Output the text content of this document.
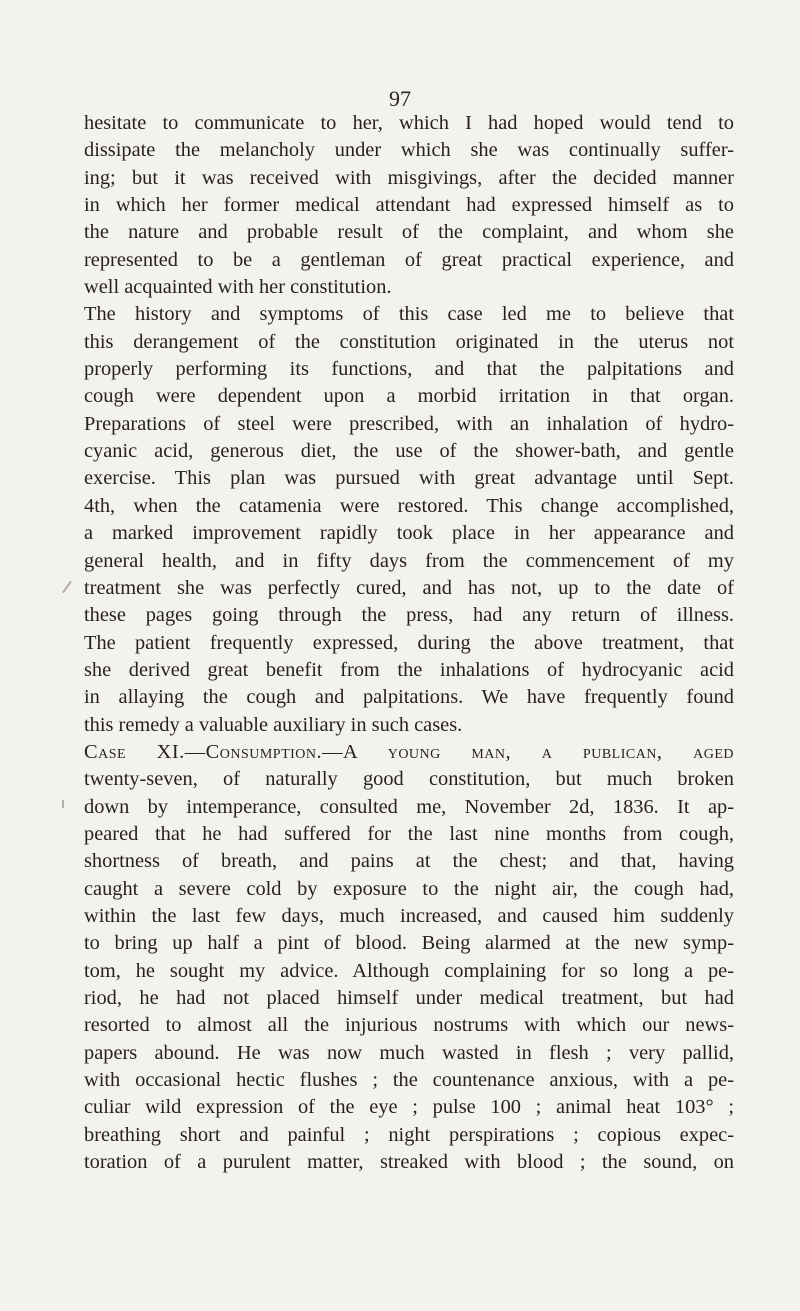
97
hesitate to communicate to her, which I had hoped would tend to
dissipate the melancholy under which she was continually suffer-
ing; but it was received with misgivings, after the decided manner
in which her former medical attendant had expressed himself as to
the nature and probable result of the complaint, and whom she
represented to be a gentleman of great practical experience, and
well acquainted with her constitution.
The history and symptoms of this case led me to believe that
this derangement of the constitution originated in the uterus not
properly performing its functions, and that the palpitations and
cough were dependent upon a morbid irritation in that organ.
Preparations of steel were prescribed, with an inhalation of hydro-
cyanic acid, generous diet, the use of the shower-bath, and gentle
exercise. This plan was pursued with great advantage until Sept.
4th, when the catamenia were restored. This change accomplished,
a marked improvement rapidly took place in her appearance and
general health, and in fifty days from the commencement of my
treatment she was perfectly cured, and has not, up to the date of
these pages going through the press, had any return of illness.
The patient frequently expressed, during the above treatment, that
she derived great benefit from the inhalations of hydrocyanic acid
in allaying the cough and palpitations. We have frequently found
this remedy a valuable auxiliary in such cases.
Case XI.—Consumption.—A young man, a publican, aged
twenty-seven, of naturally good constitution, but much broken
down by intemperance, consulted me, November 2d, 1836. It ap-
peared that he had suffered for the last nine months from cough,
shortness of breath, and pains at the chest; and that, having
caught a severe cold by exposure to the night air, the cough had,
within the last few days, much increased, and caused him suddenly
to bring up half a pint of blood. Being alarmed at the new symp-
tom, he sought my advice. Although complaining for so long a pe-
riod, he had not placed himself under medical treatment, but had
resorted to almost all the injurious nostrums with which our news-
papers abound. He was now much wasted in flesh ; very pallid,
with occasional hectic flushes ; the countenance anxious, with a pe-
culiar wild expression of the eye ; pulse 100 ; animal heat 103° ;
breathing short and painful ; night perspirations ; copious expec-
toration of a purulent matter, streaked with blood ; the sound, on
